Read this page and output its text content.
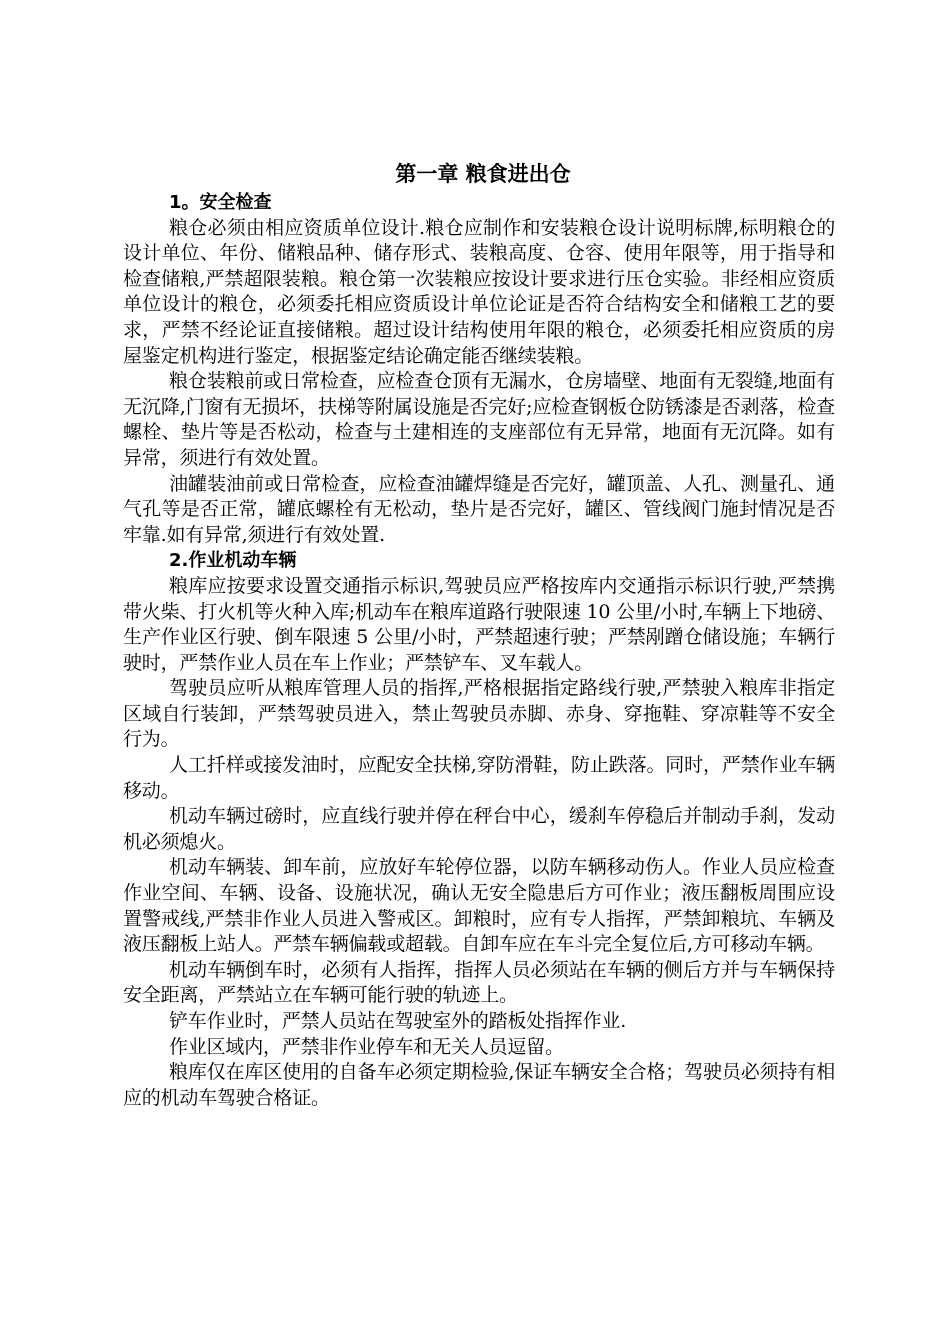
第一章 粮食进出仓
1。安全检查

粮仓必须由相应资质单位设计.粮仓应制作和安装粮仓设计说明标牌,标明粮仓的设计单位、年份、储粮品种、储存形式、装粮高度、仓容、使用年限等，用于指导和检查储粮,严禁超限装粮。粮仓第一次装粮应按设计要求进行压仓实验。非经相应资质单位设计的粮仓，必须委托相应资质设计单位论证是否符合结构安全和储粮工艺的要求，严禁不经论证直接储粮。超过设计结构使用年限的粮仓，必须委托相应资质的房屋鉴定机构进行鉴定，根据鉴定结论确定能否继续装粮。

粮仓装粮前或日常检查，应检查仓顶有无漏水，仓房墙壁、地面有无裂缝,地面有无沉降,门窗有无损坏，扶梯等附属设施是否完好;应检查钢板仓防锈漆是否剥落，检查螺栓、垫片等是否松动，检查与土建相连的支座部位有无异常，地面有无沉降。如有异常，须进行有效处置。

油罐装油前或日常检查，应检查油罐焊缝是否完好，罐顶盖、人孔、测量孔、通气孔等是否正常，罐底螺栓有无松动，垫片是否完好，罐区、管线阀门施封情况是否牢靠.如有异常,须进行有效处置.

2.作业机动车辆

粮库应按要求设置交通指示标识,驾驶员应严格按库内交通指示标识行驶,严禁携带火柴、打火机等火种入库;机动车在粮库道路行驶限速 10 公里/小时,车辆上下地磅、生产作业区行驶、倒车限速 5 公里/小时，严禁超速行驶；严禁剐蹭仓储设施；车辆行驶时，严禁作业人员在车上作业；严禁铲车、叉车载人。

驾驶员应听从粮库管理人员的指挥,严格根据指定路线行驶,严禁驶入粮库非指定区域自行装卸，严禁驾驶员进入，禁止驾驶员赤脚、赤身、穿拖鞋、穿凉鞋等不安全行为。

人工扦样或接发油时，应配安全扶梯,穿防滑鞋，防止跌落。同时，严禁作业车辆移动。

机动车辆过磅时，应直线行驶并停在秤台中心，缓刹车停稳后并制动手刹，发动机必须熄火。

机动车辆装、卸车前，应放好车轮停位器，以防车辆移动伤人。作业人员应检查作业空间、车辆、设备、设施状况，确认无安全隐患后方可作业；液压翻板周围应设置警戒线,严禁非作业人员进入警戒区。卸粮时，应有专人指挥，严禁卸粮坑、车辆及液压翻板上站人。严禁车辆偏载或超载。自卸车应在车斗完全复位后,方可移动车辆。

机动车辆倒车时，必须有人指挥，指挥人员必须站在车辆的侧后方并与车辆保持安全距离，严禁站立在车辆可能行驶的轨迹上。

铲车作业时，严禁人员站在驾驶室外的踏板处指挥作业.

作业区域内，严禁非作业停车和无关人员逗留。

粮库仅在库区使用的自备车必须定期检验,保证车辆安全合格；驾驶员必须持有相应的机动车驾驶合格证。
